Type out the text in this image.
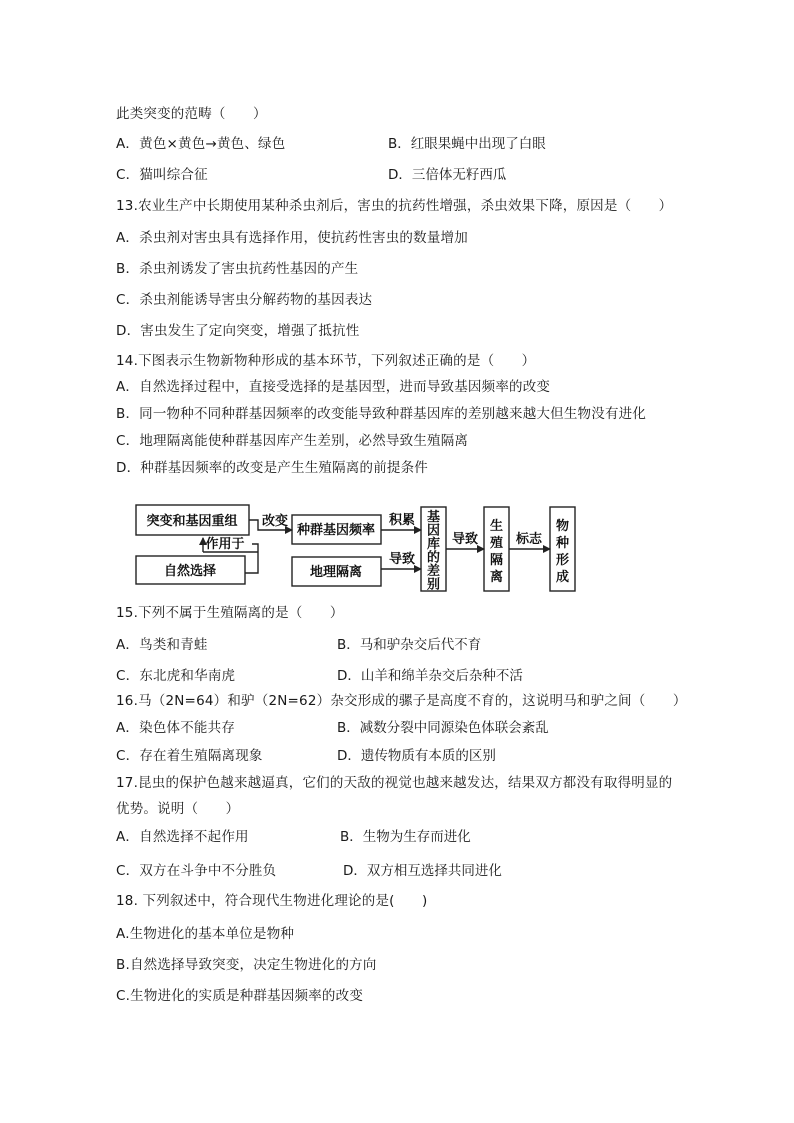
此类突变的范畴（　　）
A．黄色×黄色→黄色、绿色	B．红眼果蝇中出现了白眼
C．猫叫综合征	D．三倍体无籽西瓜
13.农业生产中长期使用某种杀虫剂后，害虫的抗药性增强，杀虫效果下降，原因是（　　）
A．杀虫剂对害虫具有选择作用，使抗药性害虫的数量增加
B．杀虫剂诱发了害虫抗药性基因的产生
C．杀虫剂能诱导害虫分解药物的基因表达
D．害虫发生了定向突变，增强了抵抗性
14.下图表示生物新物种形成的基本环节，下列叙述正确的是（　　）
A．自然选择过程中，直接受选择的是基因型，进而导致基因频率的改变
B．同一物种不同种群基因频率的改变能导致种群基因库的差别越来越大但生物没有进化
C．地理隔离能使种群基因库产生差别，必然导致生殖隔离
D．种群基因频率的改变是产生生殖隔离的前提条件
突变和基因重组
自然选择
种群基因频率
地理隔离
改变
作用于
积累
导致
导致	标志
基
因
库
的
差
别
生
殖
隔
离
物
种
形
成
15.下列不属于生殖隔离的是（　　）
A．鸟类和青蛙	B．马和驴杂交后代不育
C．东北虎和华南虎	D．山羊和绵羊杂交后杂种不活
16.马（2N=64）和驴（2N=62）杂交形成的骡子是高度不育的，这说明马和驴之间（　　）
A．染色体不能共存	B．减数分裂中同源染色体联会紊乱
C．存在着生殖隔离现象	D．遗传物质有本质的区别
17.昆虫的保护色越来越逼真，它们的天敌的视觉也越来越发达，结果双方都没有取得明显的
优势。说明（　　）
A．自然选择不起作用	B．生物为生存而进化
C．双方在斗争中不分胜负	D．双方相互选择共同进化
18. 下列叙述中，符合现代生物进化理论的是(　　)
A.生物进化的基本单位是物种
B.自然选择导致突变，决定生物进化的方向
C.生物进化的实质是种群基因频率的改变
